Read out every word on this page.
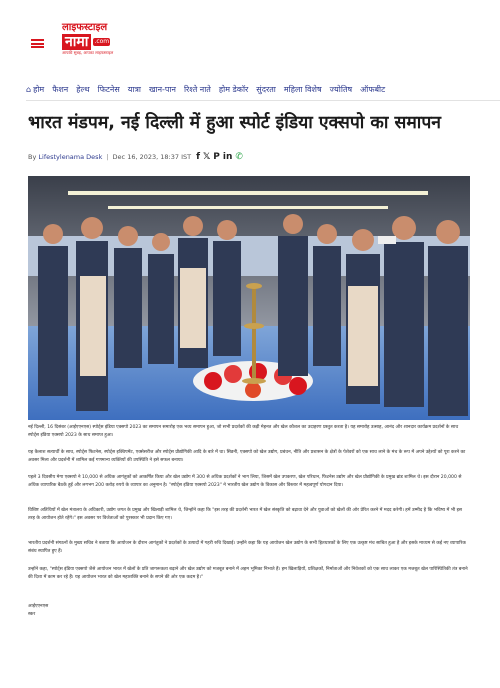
लाइफस्टाइल
नामा	.com
आपकी सुबह, आपका लाइफस्टाइल
⌂ होम फैशन हेल्थ फिटनेस यात्रा खान-पान रिश्ते नाते होम डेकॉर सुंदरता महिला विशेष ज्योतिष ऑफबीट
भारत मंडपम, नई दिल्ली में हुआ स्पोर्ट इंडिया एक्सपो का समापन
By
Lifestylenama Desk | Dec 16, 2023, 18:37 IST f 𝕏 P in ✆

नई दिल्ली, 16 दिसंबर (आईएएनएस) स्पोर्ट्स इंडिया एक्सपो 2023 का समापन समारोह एक भव्य समापन हुआ, जो सभी प्रदर्शकों की कड़ी मेहनत और खेल कौशल का उदाहरण प्रस्तुत करता है। यह समारोह उत्साह, आनंद और शानदार कार्यक्रम प्रदर्शनों के साथ स्पोर्ट्स इंडिया एक्सपो 2023 के साथ समाप्त हुआ।

यह कैलाश सत्यार्थी के साथ, स्पोर्ट्स फिटनेस, स्पोर्ट्स इक्विपमेंट, एक्सेसरीज और स्पोर्ट्स प्रौद्योगिकी आदि के बारे में था। सिडनी, एक्सपो को खेल उद्योग, प्रबंधन, नीति और प्रशासन के क्षेत्रों के पेशेवरों को एक साथ लाने के मंच के रूप में अपने उद्देश्यों को पूरा करने का अवसर मिला और प्रदर्शनी में शामिल कई गणमान्य व्यक्तियों की उपस्थिति ने इसे सफल बनाया।

पहले 3 दिवसीय मेगा एक्सपो ने 10,000 से अधिक आगंतुकों को आकर्षित किया और खेल उद्योग में 300 से अधिक प्रदर्शकों ने भाग लिया, जिसमें खेल उपकरण, खेल परिधान, फिटनेस उद्योग और खेल प्रौद्योगिकी के प्रमुख ब्रांड शामिल थे। इस दौरान 20,000 से अधिक व्यापारिक बैठकें हुईं और लगभग 200 करोड़ रुपये के व्यापार का अनुमान है। "स्पोर्ट्स इंडिया एक्सपो 2023" ने भारतीय खेल उद्योग के विकास और विस्तार में महत्वपूर्ण योगदान दिया।

विशिष्ट अतिथियों में खेल मंत्रालय के अधिकारी, उद्योग जगत के प्रमुख और खिलाड़ी शामिल थे, जिन्होंने कहा कि "इस तरह की प्रदर्शनी भारत में खेल संस्कृति को बढ़ावा देने और युवाओं को खेलों की ओर प्रेरित करने में मदद करेगी। हमें उम्मीद है कि भविष्य में भी इस तरह के आयोजन होते रहेंगे।" इस अवसर पर विजेताओं को पुरस्कार भी प्रदान किए गए।

भारतीय प्रदर्शनी संगठनों के मुख्य सचिव ने बताया कि आयोजन के दौरान आगंतुकों ने प्रदर्शकों के उत्पादों में गहरी रुचि दिखाई। उन्होंने कहा कि यह आयोजन खेल उद्योग के सभी हितधारकों के लिए एक उत्कृष्ट मंच साबित हुआ है और इसके माध्यम से कई नए व्यापारिक संबंध स्थापित हुए हैं।

उन्होंने कहा, "स्पोर्ट्स इंडिया एक्सपो जैसे आयोजन भारत में खेलों के प्रति जागरूकता बढ़ाने और खेल उद्योग को मजबूत बनाने में अहम भूमिका निभाते हैं। हम खिलाड़ियों, प्रशिक्षकों, निर्माताओं और निवेशकों को एक साथ लाकर एक मजबूत खेल पारिस्थितिकी तंत्र बनाने की दिशा में काम कर रहे हैं। यह आयोजन भारत को खेल महाशक्ति बनाने के सपने की ओर एक कदम है।"

आईएएनएस

स्कर
